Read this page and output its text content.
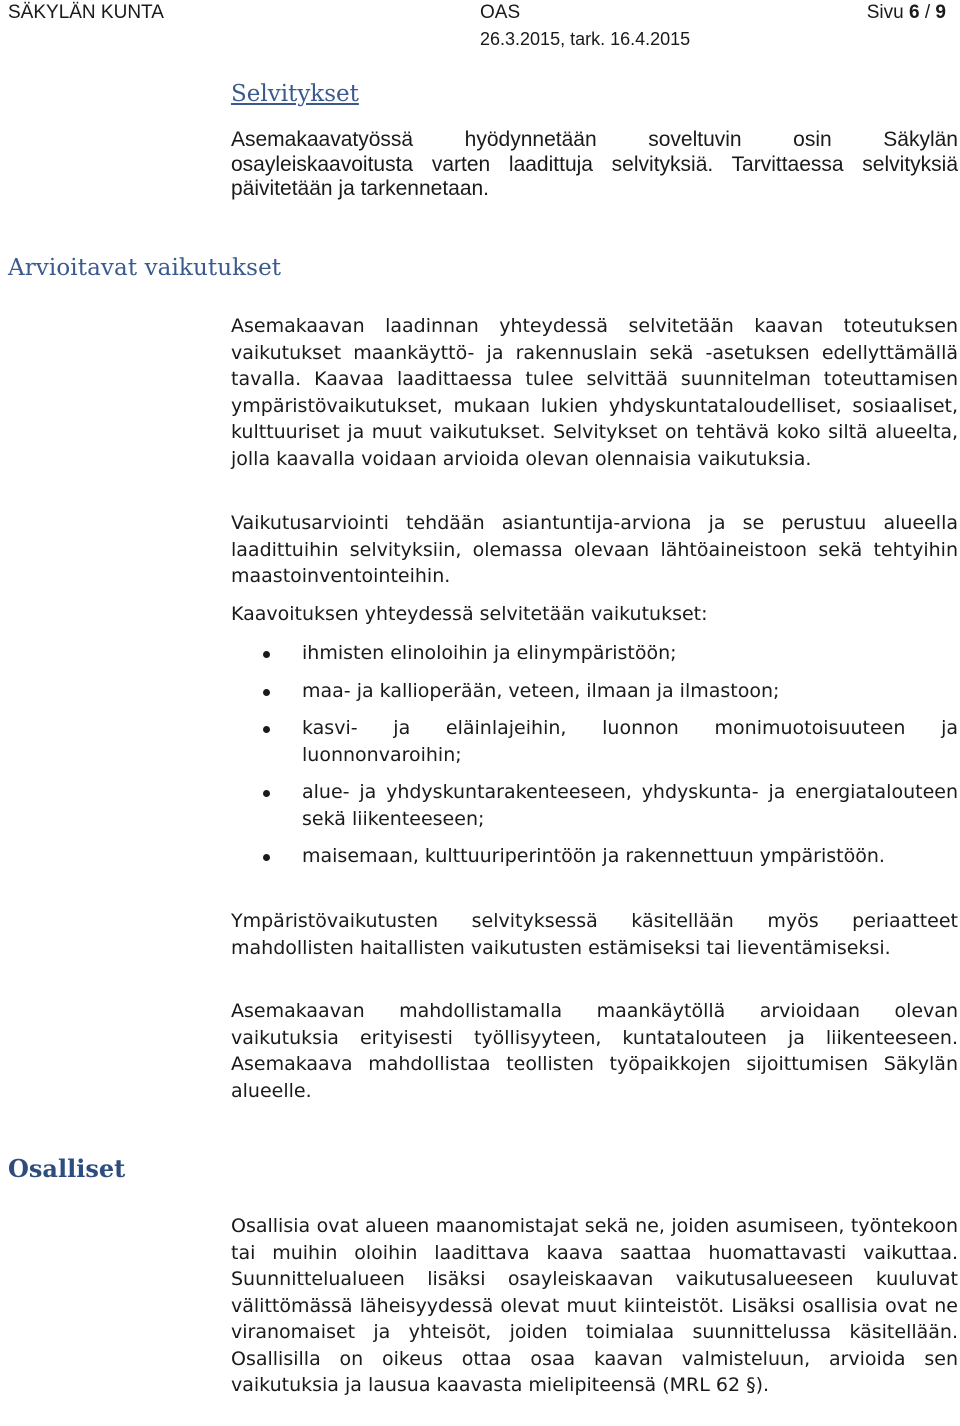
SÄKYLÄN KUNTA	OAS
26.3.2015, tark. 16.4.2015
Sivu 6 / 9
Selvitykset

Asemakaavatyössä hyödynnetään soveltuvin osin Säkylän osayleiskaavoitusta varten laadittuja selvityksiä. Tarvittaessa selvityksiä päivitetään ja tarkennetaan.

Arvioitavat vaikutukset

Asemakaavan laadinnan yhteydessä selvitetään kaavan toteutuksen vaikutukset maankäyttö- ja rakennuslain sekä -asetuksen edellyttämällä tavalla. Kaavaa laadittaessa tulee selvittää suunnitelman toteuttamisen ympäristövaikutukset, mukaan lukien yhdyskuntataloudelliset, sosiaaliset, kulttuuriset ja muut vaikutukset. Selvitykset on tehtävä koko siltä alueelta, jolla kaavalla voidaan arvioida olevan olennaisia vaikutuksia.

Vaikutusarviointi tehdään asiantuntija-arviona ja se perustuu alueella laadittuihin selvityksiin, olemassa olevaan lähtöaineistoon sekä tehtyihin maastoinventointeihin.

Kaavoituksen yhteydessä selvitetään vaikutukset:

ihmisten elinoloihin ja elinympäristöön;
maa- ja kallioperään, veteen, ilmaan ja ilmastoon;
kasvi- ja eläinlajeihin, luonnon monimuotoisuuteen ja luonnonvaroihin;
alue- ja yhdyskuntarakenteeseen, yhdyskunta- ja energiatalouteen sekä liikenteeseen;
maisemaan, kulttuuriperintöön ja rakennettuun ympäristöön.

Ympäristövaikutusten selvityksessä käsitellään myös periaatteet mahdollisten haitallisten vaikutusten estämiseksi tai lieventämiseksi.

Asemakaavan mahdollistamalla maankäytöllä arvioidaan olevan vaikutuksia erityisesti työllisyyteen, kuntatalouteen ja liikenteeseen. Asemakaava mahdollistaa teollisten työpaikkojen sijoittumisen Säkylän alueelle.

Osalliset

Osallisia ovat alueen maanomistajat sekä ne, joiden asumiseen, työntekoon tai muihin oloihin laadittava kaava saattaa huomattavasti vaikuttaa. Suunnittelualueen lisäksi osayleiskaavan vaikutusalueeseen kuuluvat välittömässä läheisyydessä olevat muut kiinteistöt. Lisäksi osallisia ovat ne viranomaiset ja yhteisöt, joiden toimialaa suunnittelussa käsitellään. Osallisilla on oikeus ottaa osaa kaavan valmisteluun, arvioida sen vaikutuksia ja lausua kaavasta mielipiteensä (MRL 62 §).
